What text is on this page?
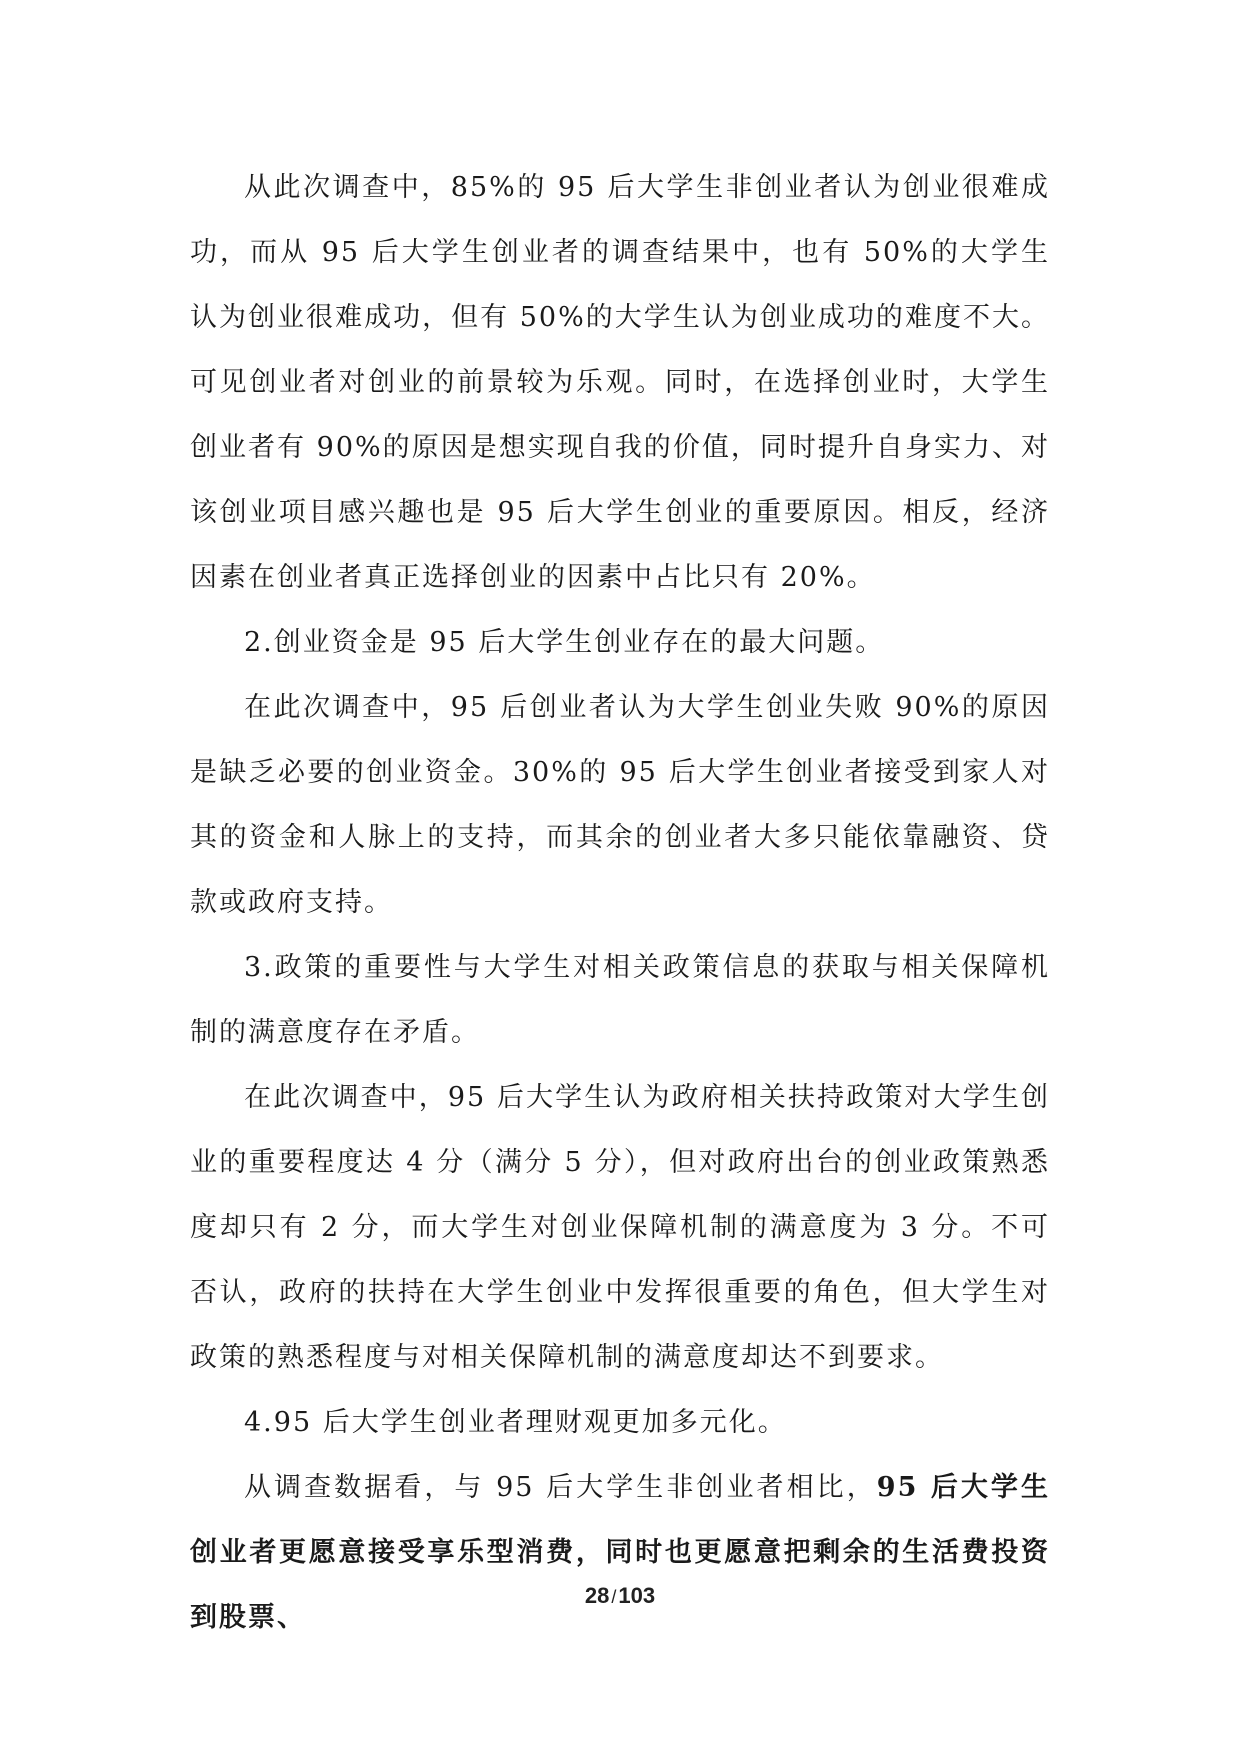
从此次调查中，85%的 95 后大学生非创业者认为创业很难成功，而从 95 后大学生创业者的调查结果中，也有 50%的大学生认为创业很难成功，但有 50%的大学生认为创业成功的难度不大。可见创业者对创业的前景较为乐观。同时，在选择创业时，大学生创业者有 90%的原因是想实现自我的价值，同时提升自身实力、对该创业项目感兴趣也是 95 后大学生创业的重要原因。相反，经济因素在创业者真正选择创业的因素中占比只有 20%。

2.创业资金是 95 后大学生创业存在的最大问题。

在此次调查中，95 后创业者认为大学生创业失败 90%的原因是缺乏必要的创业资金。30%的 95 后大学生创业者接受到家人对其的资金和人脉上的支持，而其余的创业者大多只能依靠融资、贷款或政府支持。

3.政策的重要性与大学生对相关政策信息的获取与相关保障机制的满意度存在矛盾。

在此次调查中，95 后大学生认为政府相关扶持政策对大学生创业的重要程度达 4 分（满分 5 分），但对政府出台的创业政策熟悉度却只有 2 分，而大学生对创业保障机制的满意度为 3 分。不可否认，政府的扶持在大学生创业中发挥很重要的角色，但大学生对政策的熟悉程度与对相关保障机制的满意度却达不到要求。

4.95 后大学生创业者理财观更加多元化。

从调查数据看，与 95 后大学生非创业者相比，95 后大学生创业者更愿意接受享乐型消费，同时也更愿意把剩余的生活费投资到股票、

28 /103
